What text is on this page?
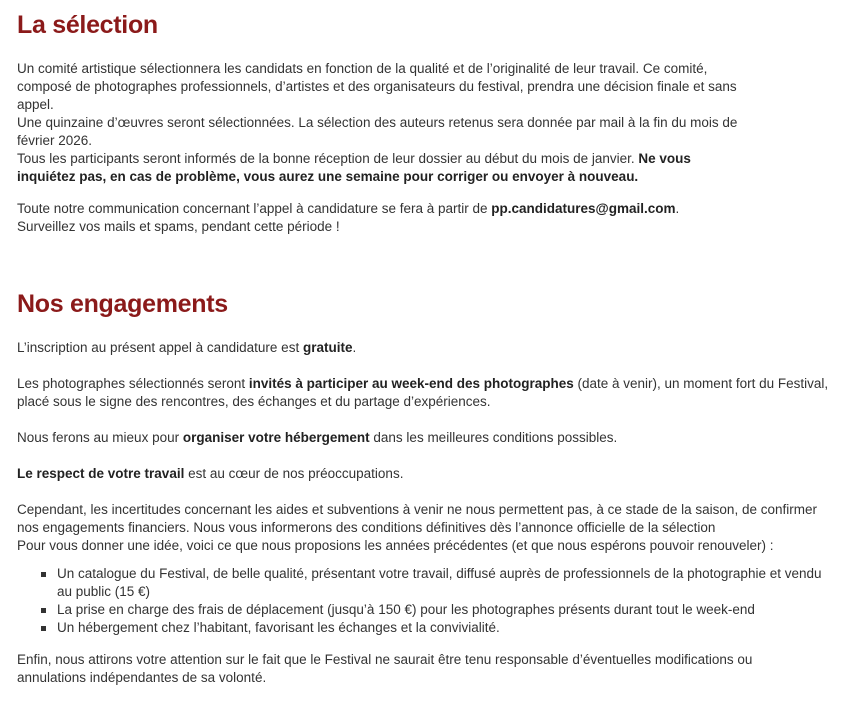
La sélection

Un comité artistique sélectionnera les candidats en fonction de la qualité et de l’originalité de leur travail. Ce comité,

composé de photographes professionnels, d’artistes et des organisateurs du festival, prendra une décision finale et sans

appel.

Une quinzaine d’œuvres seront sélectionnées. La sélection des auteurs retenus sera donnée par mail à la fin du mois de

février 2026.

Tous les participants seront informés de la bonne réception de leur dossier au début du mois de janvier. Ne vous

inquiétez pas, en cas de problème, vous aurez une semaine pour corriger ou envoyer à nouveau.

Toute notre communication concernant l’appel à candidature se fera à partir de pp.candidatures@gmail.com.

Surveillez vos mails et spams, pendant cette période !

Nos engagements

L’inscription au présent appel à candidature est gratuite.

Les photographes sélectionnés seront invités à participer au week-end des photographes (date à venir), un moment fort du Festival,

placé sous le signe des rencontres, des échanges et du partage d’expériences.

Nous ferons au mieux pour organiser votre hébergement dans les meilleures conditions possibles.

Le respect de votre travail est au cœur de nos préoccupations.

Cependant, les incertitudes concernant les aides et subventions à venir ne nous permettent pas, à ce stade de la saison, de confirmer

nos engagements financiers. Nous vous informerons des conditions définitives dès l’annonce officielle de la sélection

Pour vous donner une idée, voici ce que nous proposions les années précédentes (et que nous espérons pouvoir renouveler) :

Un catalogue du Festival, de belle qualité, présentant votre travail, diffusé auprès de professionnels de la photographie et vendu
au public (15 €)
La prise en charge des frais de déplacement (jusqu’à 150 €) pour les photographes présents durant tout le week-end
Un hébergement chez l’habitant, favorisant les échanges et la convivialité.

Enfin, nous attirons votre attention sur le fait que le Festival ne saurait être tenu responsable d’éventuelles modifications ou

annulations indépendantes de sa volonté.
